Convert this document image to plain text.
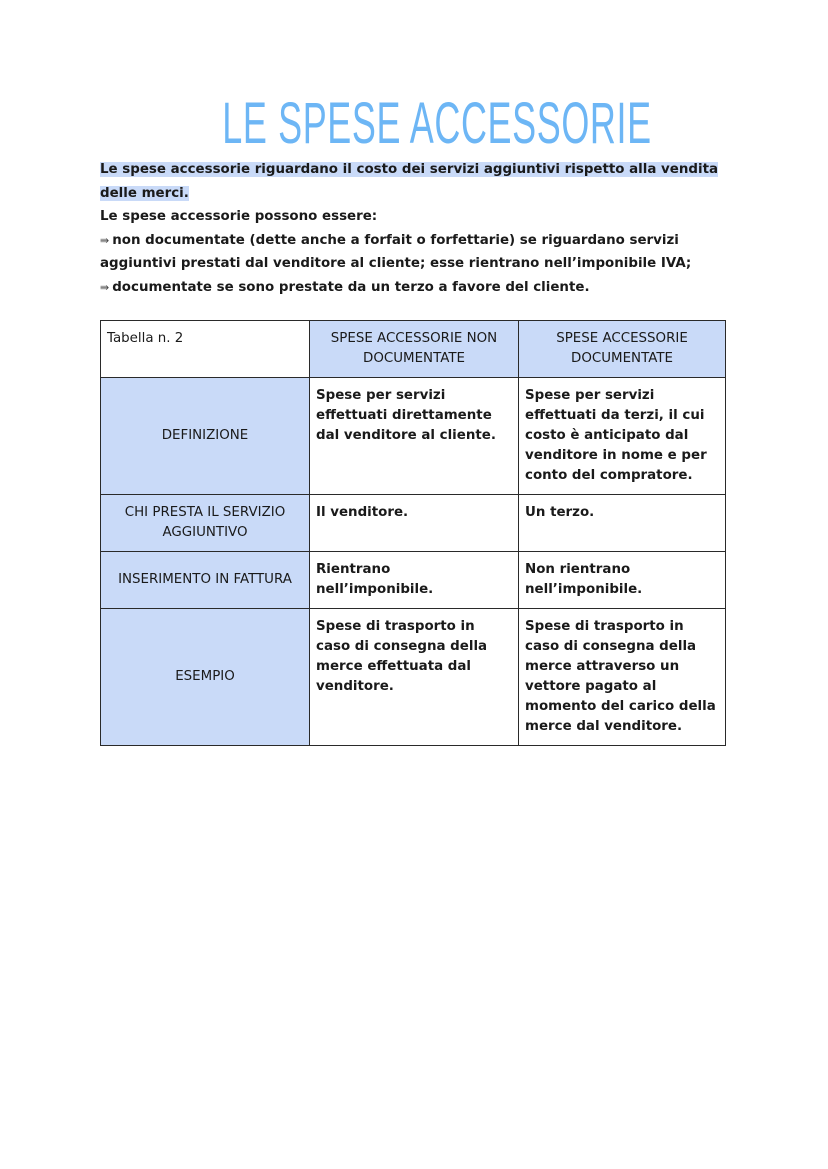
LE SPESE ACCESSORIE

Le spese accessorie riguardano il costo dei servizi aggiuntivi rispetto alla vendita delle merci.

Le spese accessorie possono essere:

⇛ non documentate (dette anche a forfait o forfettarie) se riguardano servizi aggiuntivi prestati dal venditore al cliente; esse rientrano nell’imponibile IVA;

⇛ documentate se sono prestate da un terzo a favore del cliente.

Tabella n. 2	SPESE ACCESSORIE NON DOCUMENTATE	SPESE ACCESSORIE DOCUMENTATE
DEFINIZIONE	Spese per servizi effettuati direttamente dal venditore al cliente.	Spese per servizi effettuati da terzi, il cui costo è anticipato dal venditore in nome e per conto del compratore.
CHI PRESTA IL SERVIZIO AGGIUNTIVO	Il venditore.	Un terzo.
INSERIMENTO IN FATTURA	Rientrano nell’imponibile.	Non rientrano nell’imponibile.
ESEMPIO	Spese di trasporto in caso di consegna della merce effettuata dal venditore.	Spese di trasporto in caso di consegna della merce attraverso un vettore pagato al momento del carico della merce dal venditore.
